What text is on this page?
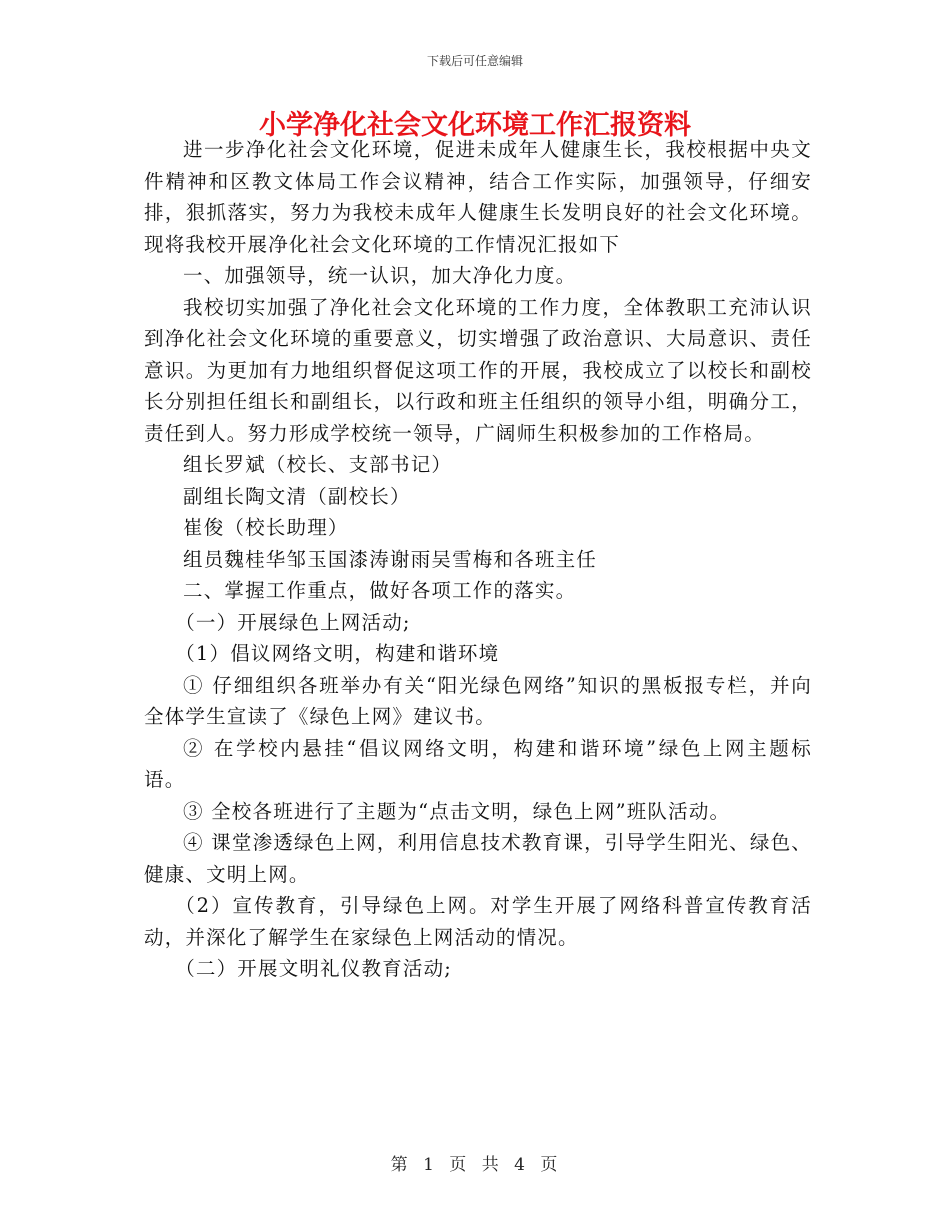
下载后可任意编辑
小学净化社会文化环境工作汇报资料

进一步净化社会文化环境，促进未成年人健康生长，我校根据中央文件精神和区教文体局工作会议精神，结合工作实际，加强领导，仔细安排，狠抓落实，努力为我校未成年人健康生长发明良好的社会文化环境。现将我校开展净化社会文化环境的工作情况汇报如下

一、加强领导，统一认识，加大净化力度。

我校切实加强了净化社会文化环境的工作力度，全体教职工充沛认识到净化社会文化环境的重要意义，切实增强了政治意识、大局意识、责任意识。为更加有力地组织督促这项工作的开展，我校成立了以校长和副校长分别担任组长和副组长，以行政和班主任组织的领导小组，明确分工，责任到人。努力形成学校统一领导，广阔师生积极参加的工作格局。

组长罗斌（校长、支部书记）

副组长陶文清（副校长）

崔俊（校长助理）

组员魏桂华邹玉国漆涛谢雨吴雪梅和各班主任

二、掌握工作重点，做好各项工作的落实。

（一）开展绿色上网活动;

（1）倡议网络文明，构建和谐环境

① 仔细组织各班举办有关“阳光绿色网络”知识的黑板报专栏，并向全体学生宣读了《绿色上网》建议书。

② 在学校内悬挂“倡议网络文明，构建和谐环境”绿色上网主题标语。

③ 全校各班进行了主题为“点击文明，绿色上网”班队活动。

④ 课堂渗透绿色上网，利用信息技术教育课，引导学生阳光、绿色、健康、文明上网。

（2）宣传教育，引导绿色上网。对学生开展了网络科普宣传教育活动，并深化了解学生在家绿色上网活动的情况。

（二）开展文明礼仪教育活动;

第 1 页 共 4 页
